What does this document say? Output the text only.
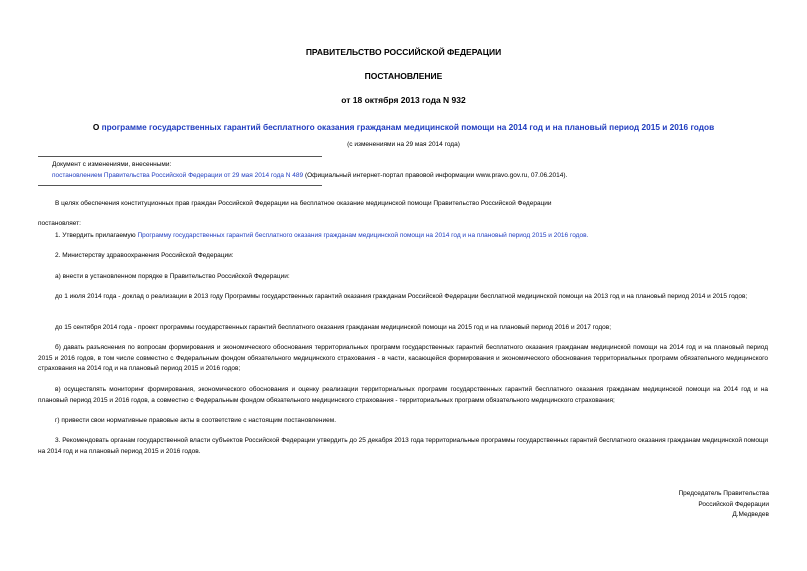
ПРАВИТЕЛЬСТВО РОССИЙСКОЙ ФЕДЕРАЦИИ
ПОСТАНОВЛЕНИЕ
от 18 октября 2013 года N 932
О программе государственных гарантий бесплатного оказания гражданам медицинской помощи на 2014 год и на плановый период 2015 и 2016 годов
(с изменениями на 29 мая 2014 года)
Документ с изменениями, внесенными:
постановлением Правительства Российской Федерации от 29 мая 2014 года N 489 (Официальный интернет-портал правовой информации www.pravo.gov.ru, 07.06.2014).
В целях обеспечения конституционных прав граждан Российской Федерации на бесплатное оказание медицинской помощи Правительство Российской Федерации
постановляет:
1. Утвердить прилагаемую Программу государственных гарантий бесплатного оказания гражданам медицинской помощи на 2014 год и на плановый период 2015 и 2016 годов.
2. Министерству здравоохранения Российской Федерации:
а) внести в установленном порядке в Правительство Российской Федерации:
до 1 июля 2014 года - доклад о реализации в 2013 году Программы государственных гарантий оказания гражданам Российской Федерации бесплатной медицинской помощи на 2013 год и на плановый период 2014 и 2015 годов;
до 15 сентября 2014 года - проект программы государственных гарантий бесплатного оказания гражданам медицинской помощи на 2015 год и на плановый период 2016 и 2017 годов;
б) давать разъяснения по вопросам формирования и экономического обоснования территориальных программ государственных гарантий бесплатного оказания гражданам медицинской помощи на 2014 год и на плановый период 2015 и 2016 годов, в том числе совместно с Федеральным фондом обязательного медицинского страхования - в части, касающейся формирования и экономического обоснования территориальных программ обязательного медицинского страхования на 2014 год и на плановый период 2015 и 2016 годов;
в) осуществлять мониторинг формирования, экономического обоснования и оценку реализации территориальных программ государственных гарантий бесплатного оказания гражданам медицинской помощи на 2014 год и на плановый период 2015 и 2016 годов, а совместно с Федеральным фондом обязательного медицинского страхования - территориальных программ обязательного медицинского страхования;
г) привести свои нормативные правовые акты в соответствие с настоящим постановлением.
3. Рекомендовать органам государственной власти субъектов Российской Федерации утвердить до 25 декабря 2013 года территориальные программы государственных гарантий бесплатного оказания гражданам медицинской помощи на 2014 год и на плановый период 2015 и 2016 годов.
Председатель Правительства
Российской Федерации
Д.Медведев
